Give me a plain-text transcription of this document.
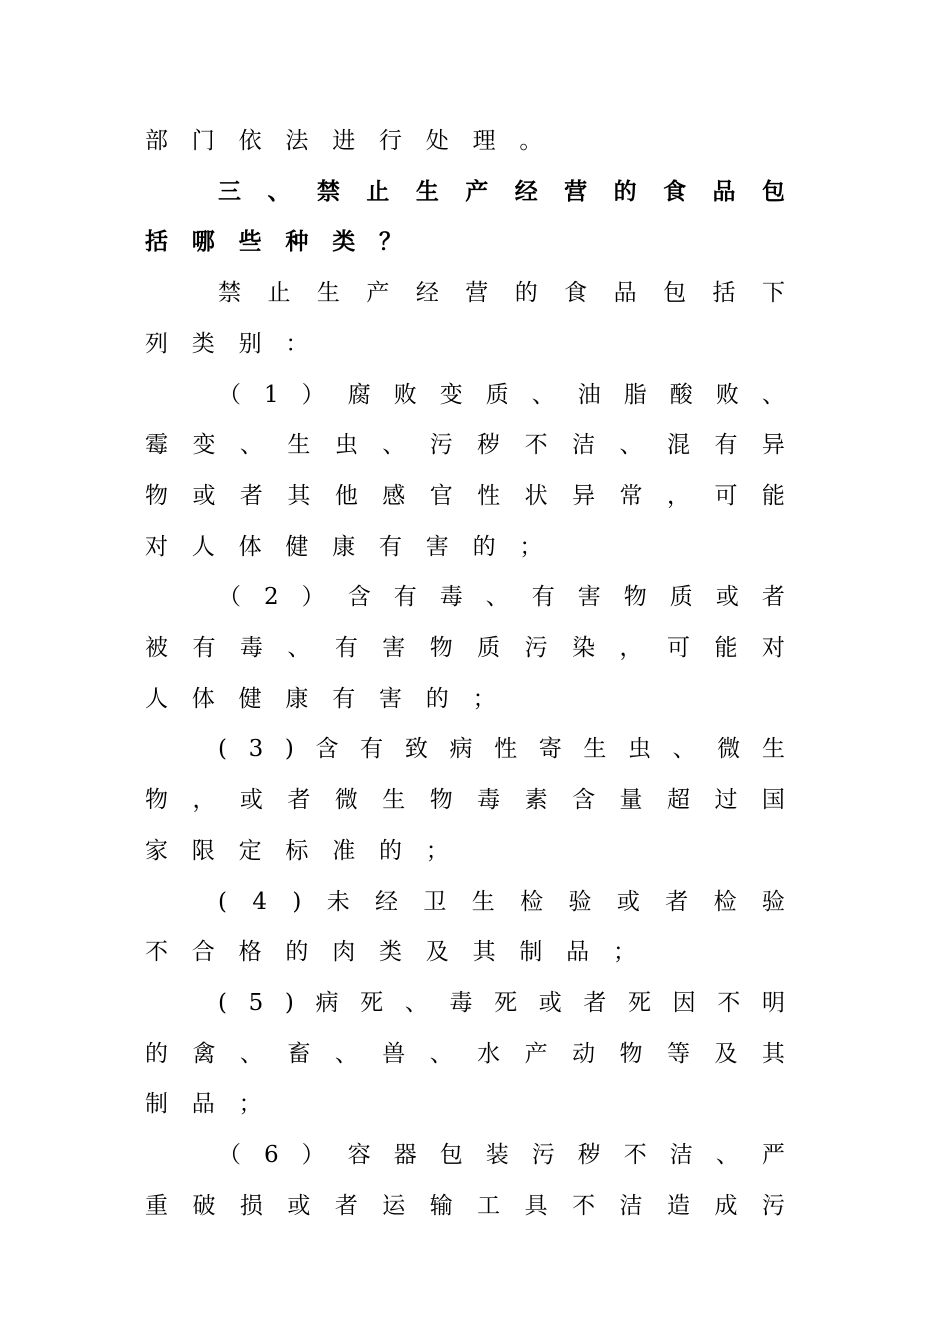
部 门 依 法 进 行 处 理 。
三 、 禁 止 生 产 经 营 的 食 品 包
括 哪 些 种 类 ？
禁 止 生 产 经 营 的 食 品 包 括 下
列 类 别 ：
（ 1 ） 腐 败 变 质 、 油 脂 酸 败 、
霉 变 、 生 虫 、 污 秽 不 洁 、 混 有 异
物 或 者 其 他 感 官 性 状 异 常 ， 可 能
对 人 体 健 康 有 害 的 ；
（ 2 ） 含 有 毒 、 有 害 物 质 或 者
被 有 毒 、 有 害 物 质 污 染 ， 可 能 对
人 体 健 康 有 害 的 ；
( 3 ) 含 有 致 病 性 寄 生 虫 、 微 生
物 ， 或 者 微 生 物 毒 素 含 量 超 过 国
家 限 定 标 准 的 ；
( 4 ) 未 经 卫 生 检 验 或 者 检 验
不 合 格 的 肉 类 及 其 制 品 ；
( 5 ) 病 死 、 毒 死 或 者 死 因 不 明
的 禽 、 畜 、 兽 、 水 产 动 物 等 及 其
制 品 ；
（ 6 ） 容 器 包 装 污 秽 不 洁 、 严
重 破 损 或 者 运 输 工 具 不 洁 造 成 污
